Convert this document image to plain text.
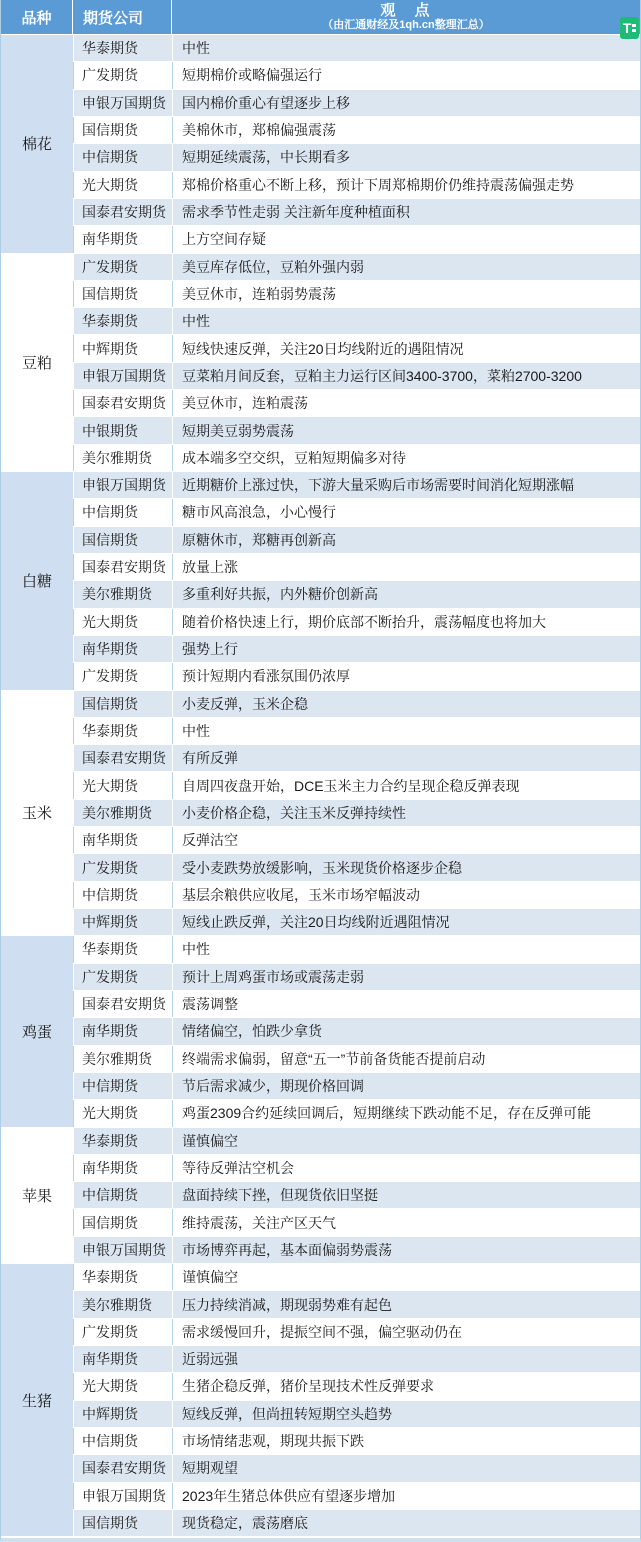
品种	期货公司	观　点
（由汇通财经及1qh.cn整理汇总）	T
棉花
华泰期货	中性
广发期货	短期棉价或略偏强运行
申银万国期货	国内棉价重心有望逐步上移
国信期货	美棉休市，郑棉偏强震荡
中信期货	短期延续震荡，中长期看多
光大期货	郑棉价格重心不断上移，预计下周郑棉期价仍维持震荡偏强走势
国泰君安期货	需求季节性走弱 关注新年度种植面积
南华期货	上方空间存疑
豆粕
广发期货	美豆库存低位，豆粕外强内弱
国信期货	美豆休市，连粕弱势震荡
华泰期货	中性
中辉期货	短线快速反弹，关注20日均线附近的遇阻情况
申银万国期货	豆菜粕月间反套，豆粕主力运行区间3400-3700，菜粕2700-3200
国泰君安期货	美豆休市，连粕震荡
中银期货	短期美豆弱势震荡
美尔雅期货	成本端多空交织，豆粕短期偏多对待
白糖
申银万国期货	近期糖价上涨过快，下游大量采购后市场需要时间消化短期涨幅
中信期货	糖市风高浪急，小心慢行
国信期货	原糖休市，郑糖再创新高
国泰君安期货	放量上涨
美尔雅期货	多重利好共振，内外糖价创新高
光大期货	随着价格快速上行，期价底部不断抬升，震荡幅度也将加大
南华期货	强势上行
广发期货	预计短期内看涨氛围仍浓厚
玉米
国信期货	小麦反弹，玉米企稳
华泰期货	中性
国泰君安期货	有所反弹
光大期货	自周四夜盘开始，DCE玉米主力合约呈现企稳反弹表现
美尔雅期货	小麦价格企稳，关注玉米反弹持续性
南华期货	反弹沽空
广发期货	受小麦跌势放缓影响，玉米现货价格逐步企稳
中信期货	基层余粮供应收尾，玉米市场窄幅波动
中辉期货	短线止跌反弹，关注20日均线附近遇阻情况
鸡蛋
华泰期货	中性
广发期货	预计上周鸡蛋市场或震荡走弱
国泰君安期货	震荡调整
南华期货	情绪偏空，怕跌少拿货
美尔雅期货	终端需求偏弱，留意“五一”节前备货能否提前启动
中信期货	节后需求减少，期现价格回调
光大期货	鸡蛋2309合约延续回调后，短期继续下跌动能不足，存在反弹可能
苹果
华泰期货	谨慎偏空
南华期货	等待反弹沽空机会
中信期货	盘面持续下挫，但现货依旧坚挺
国信期货	维持震荡，关注产区天气
申银万国期货	市场博弈再起，基本面偏弱势震荡
生猪
华泰期货	谨慎偏空
美尔雅期货	压力持续消减，期现弱势难有起色
广发期货	需求缓慢回升，提振空间不强，偏空驱动仍在
南华期货	近弱远强
光大期货	生猪企稳反弹，猪价呈现技术性反弹要求
中辉期货	短线反弹，但尚扭转短期空头趋势
中信期货	市场情绪悲观，期现共振下跌
国泰君安期货	短期观望
申银万国期货	2023年生猪总体供应有望逐步增加
国信期货	现货稳定，震荡磨底
